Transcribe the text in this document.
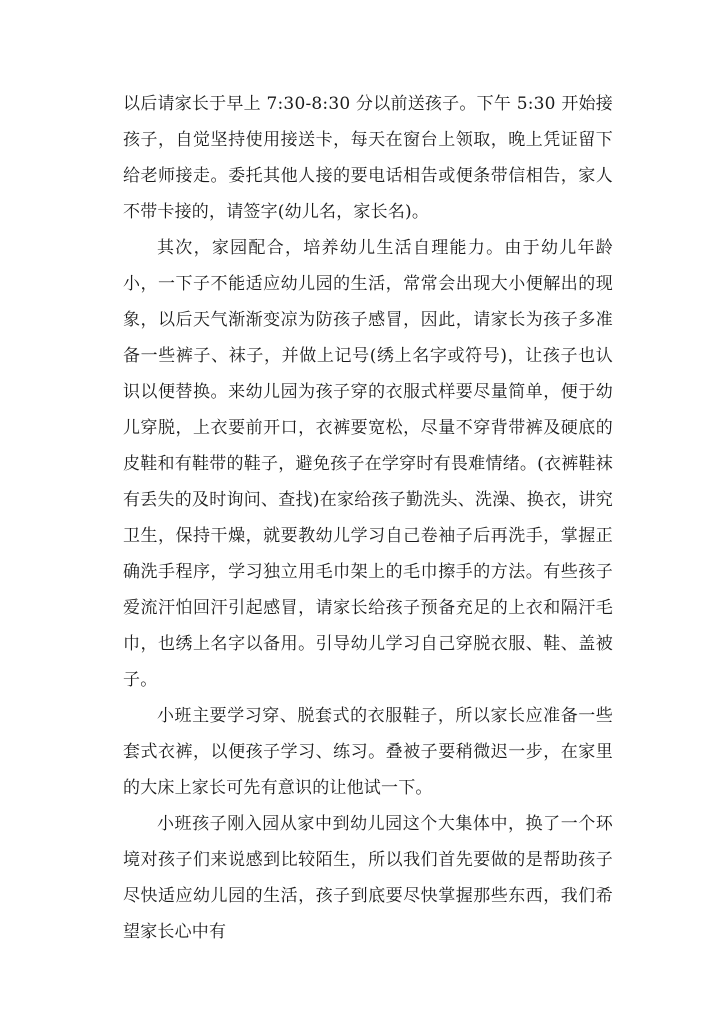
以后请家长于早上 7:30-8:30 分以前送孩子。下午 5:30 开始接孩子，自觉坚持使用接送卡，每天在窗台上领取，晚上凭证留下给老师接走。委托其他人接的要电话相告或便条带信相告，家人不带卡接的，请签字(幼儿名，家长名)。

其次，家园配合，培养幼儿生活自理能力。由于幼儿年龄小，一下子不能适应幼儿园的生活，常常会出现大小便解出的现象，以后天气渐渐变凉为防孩子感冒，因此，请家长为孩子多准备一些裤子、袜子，并做上记号(绣上名字或符号)，让孩子也认识以便替换。来幼儿园为孩子穿的衣服式样要尽量简单，便于幼儿穿脱，上衣要前开口，衣裤要宽松，尽量不穿背带裤及硬底的皮鞋和有鞋带的鞋子，避免孩子在学穿时有畏难情绪。(衣裤鞋袜有丢失的及时询问、查找)在家给孩子勤洗头、洗澡、换衣，讲究卫生，保持干燥，就要教幼儿学习自己卷袖子后再洗手，掌握正确洗手程序，学习独立用毛巾架上的毛巾擦手的方法。有些孩子爱流汗怕回汗引起感冒，请家长给孩子预备充足的上衣和隔汗毛巾，也绣上名字以备用。引导幼儿学习自己穿脱衣服、鞋、盖被子。

小班主要学习穿、脱套式的衣服鞋子，所以家长应准备一些套式衣裤，以便孩子学习、练习。叠被子要稍微迟一步，在家里的大床上家长可先有意识的让他试一下。

小班孩子刚入园从家中到幼儿园这个大集体中，换了一个环境对孩子们来说感到比较陌生，所以我们首先要做的是帮助孩子尽快适应幼儿园的生活，孩子到底要尽快掌握那些东西，我们希望家长心中有
